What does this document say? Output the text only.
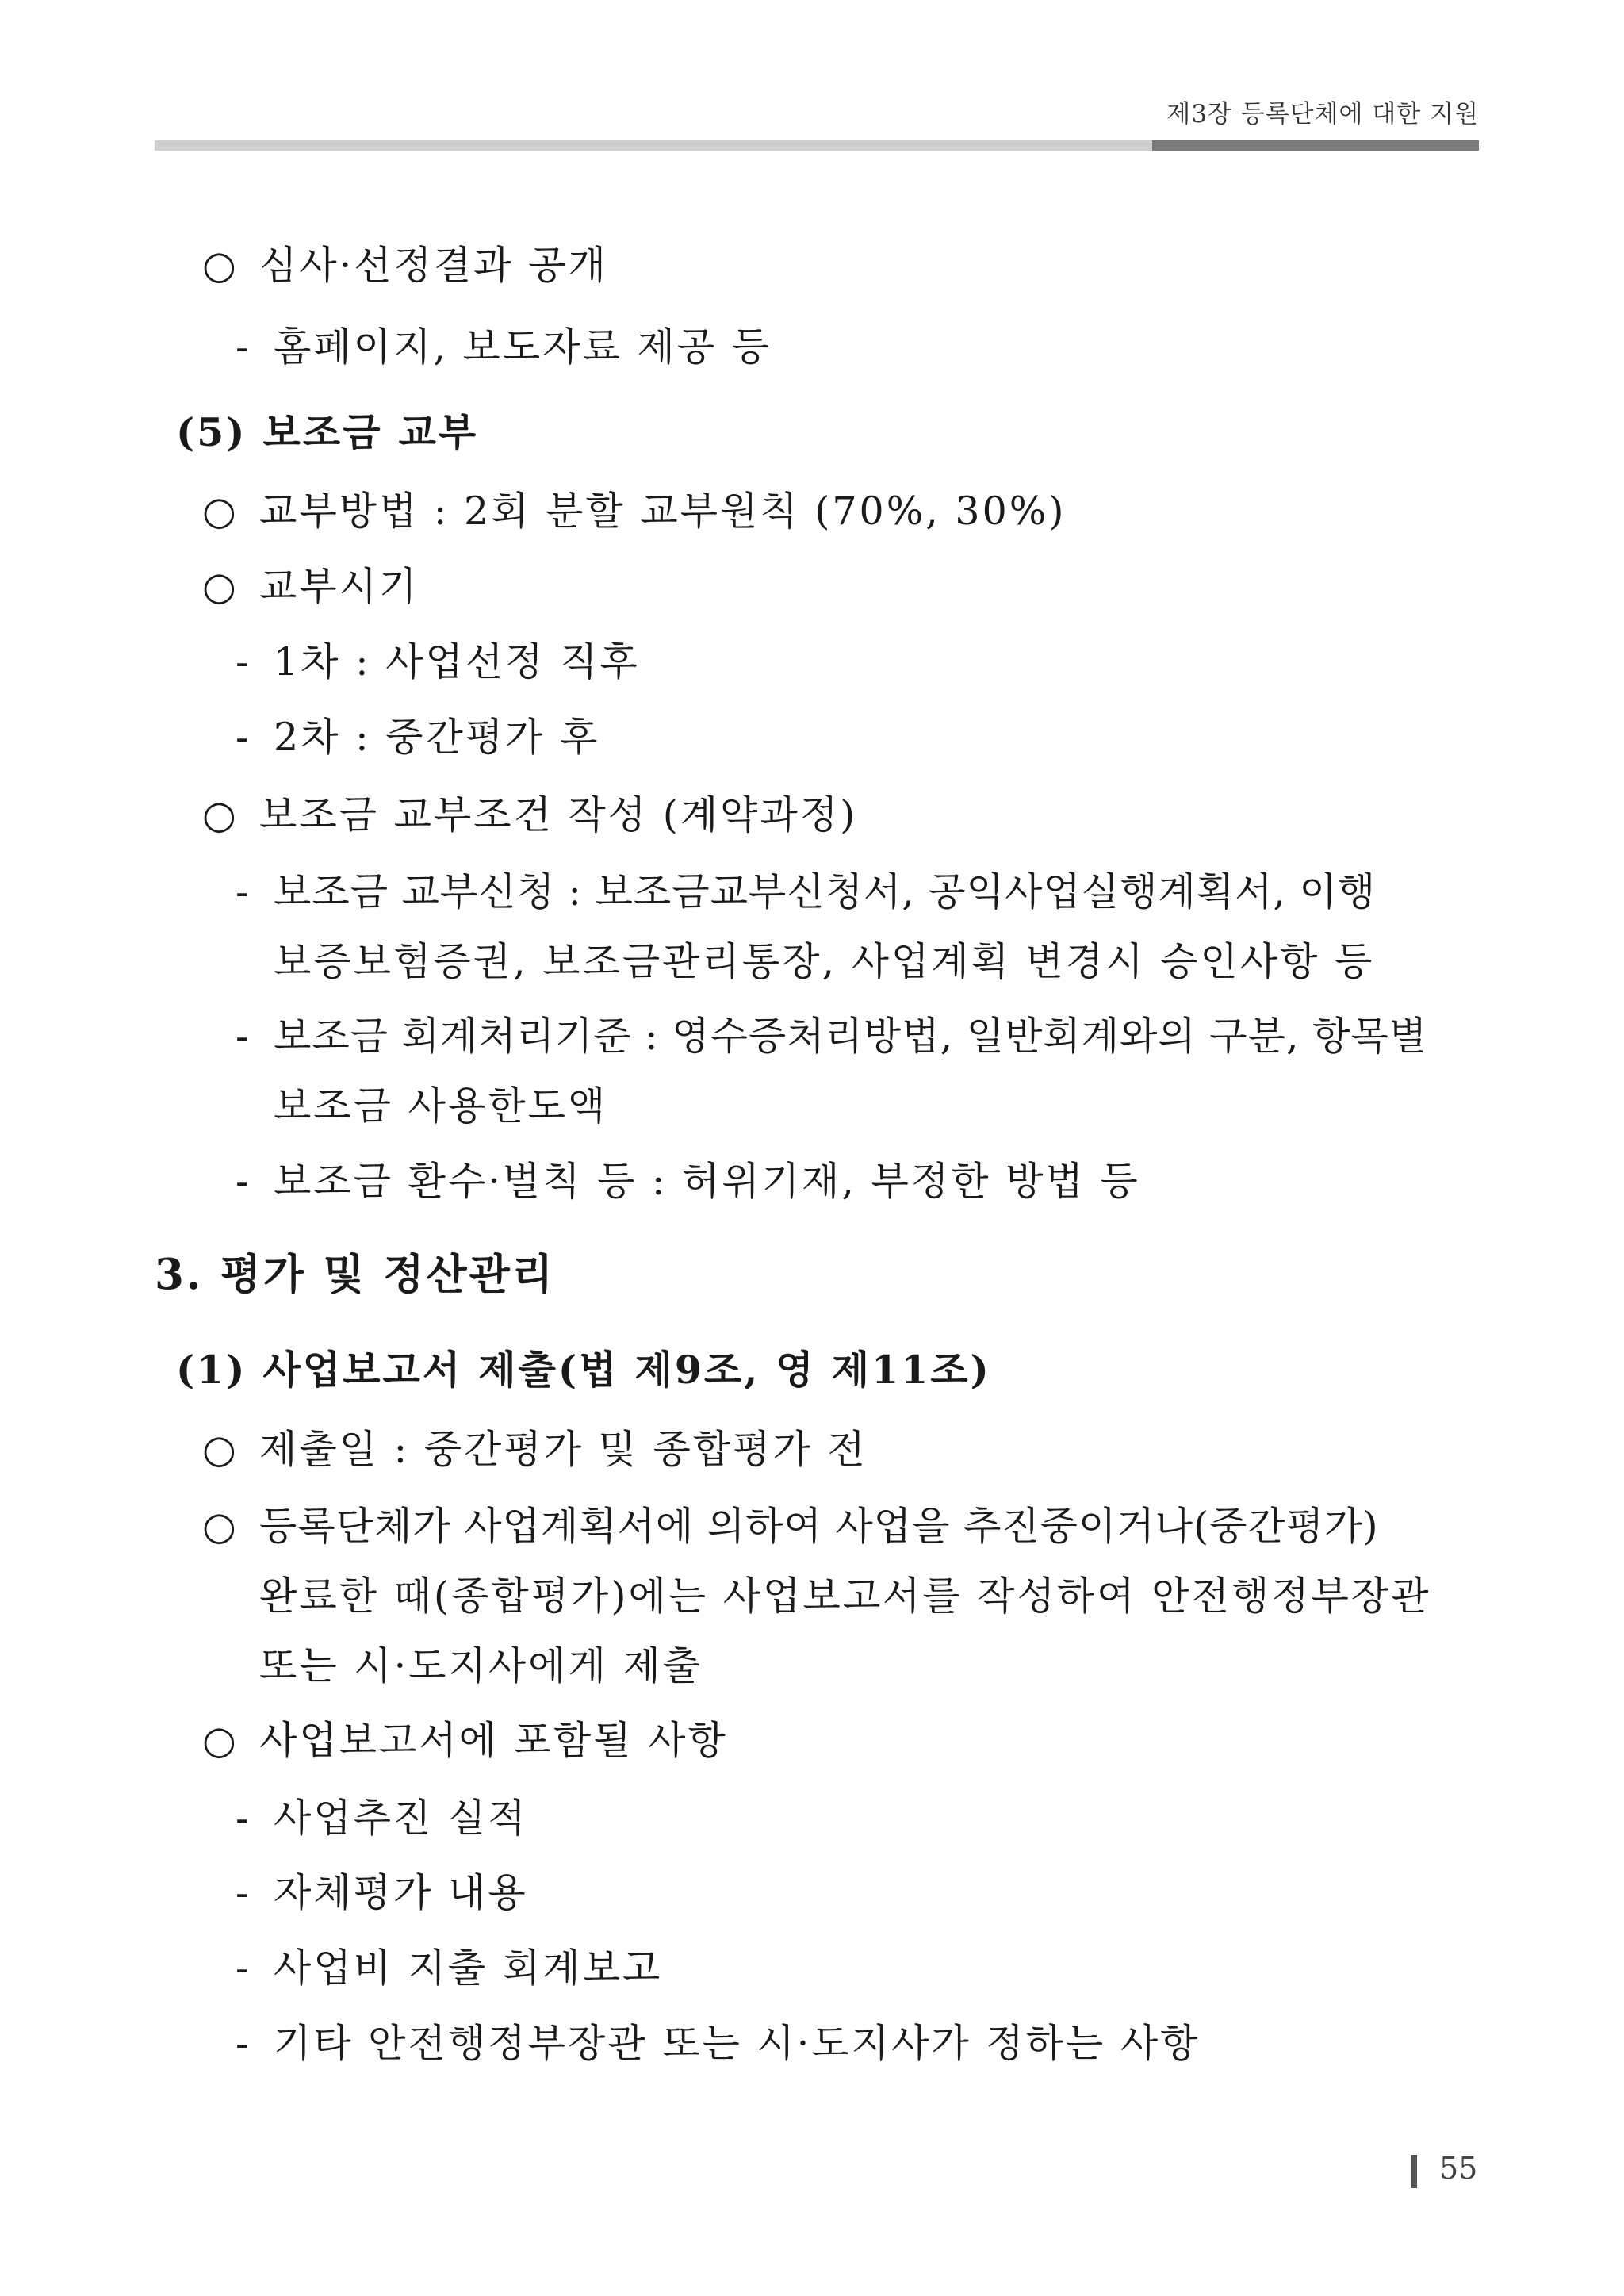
제3장 등록단체에 대한 지원
○ 심사·선정결과 공개
- 홈페이지, 보도자료 제공 등
(5) 보조금 교부
○ 교부방법 : 2회 분할 교부원칙 (70%, 30%)
○ 교부시기
- 1차 : 사업선정 직후
- 2차 : 중간평가 후
○ 보조금 교부조건 작성 (계약과정)
- 보조금 교부신청 : 보조금교부신청서, 공익사업실행계획서, 이행
보증보험증권, 보조금관리통장, 사업계획 변경시 승인사항 등
- 보조금 회계처리기준 : 영수증처리방법, 일반회계와의 구분, 항목별
보조금 사용한도액
- 보조금 환수·벌칙 등 : 허위기재, 부정한 방법 등
3. 평가 및 정산관리
(1) 사업보고서 제출(법 제9조, 영 제11조)
○ 제출일 : 중간평가 및 종합평가 전
○ 등록단체가 사업계획서에 의하여 사업을 추진중이거나(중간평가)
완료한 때(종합평가)에는 사업보고서를 작성하여 안전행정부장관
또는 시·도지사에게 제출
○ 사업보고서에 포함될 사항
- 사업추진 실적
- 자체평가 내용
- 사업비 지출 회계보고
- 기타 안전행정부장관 또는 시·도지사가 정하는 사항
55
